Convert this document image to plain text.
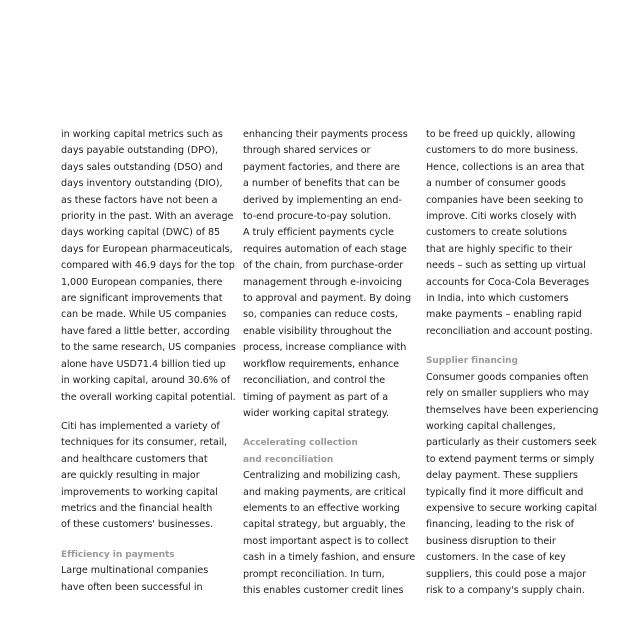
in working capital metrics such as
days payable outstanding (DPO),
days sales outstanding (DSO) and
days inventory outstanding (DIO),
as these factors have not been a
priority in the past. With an average
days working capital (DWC) of 85
days for European pharmaceuticals,
compared with 46.9 days for the top
1,000 European companies, there
are significant improvements that
can be made. While US companies
have fared a little better, according
to the same research, US companies
alone have USD71.4 billion tied up
in working capital, around 30.6% of
the overall working capital potential.
Citi has implemented a variety of
techniques for its consumer, retail,
and healthcare customers that
are quickly resulting in major
improvements to working capital
metrics and the financial health
of these customers' businesses.
Efficiency in payments
Large multinational companies
have often been successful in
enhancing their payments process
through shared services or
payment factories, and there are
a number of benefits that can be
derived by implementing an end-
to-end procure-to-pay solution.
A truly efficient payments cycle
requires automation of each stage
of the chain, from purchase-order
management through e-invoicing
to approval and payment. By doing
so, companies can reduce costs,
enable visibility throughout the
process, increase compliance with
workflow requirements, enhance
reconciliation, and control the
timing of payment as part of a
wider working capital strategy.
Accelerating collection
and reconciliation
Centralizing and mobilizing cash,
and making payments, are critical
elements to an effective working
capital strategy, but arguably, the
most important aspect is to collect
cash in a timely fashion, and ensure
prompt reconciliation. In turn,
this enables customer credit lines
to be freed up quickly, allowing
customers to do more business.
Hence, collections is an area that
a number of consumer goods
companies have been seeking to
improve. Citi works closely with
customers to create solutions
that are highly specific to their
needs – such as setting up virtual
accounts for Coca-Cola Beverages
in India, into which customers
make payments – enabling rapid
reconciliation and account posting.
Supplier financing
Consumer goods companies often
rely on smaller suppliers who may
themselves have been experiencing
working capital challenges,
particularly as their customers seek
to extend payment terms or simply
delay payment. These suppliers
typically find it more difficult and
expensive to secure working capital
financing, leading to the risk of
business disruption to their
customers. In the case of key
suppliers, this could pose a major
risk to a company's supply chain.
